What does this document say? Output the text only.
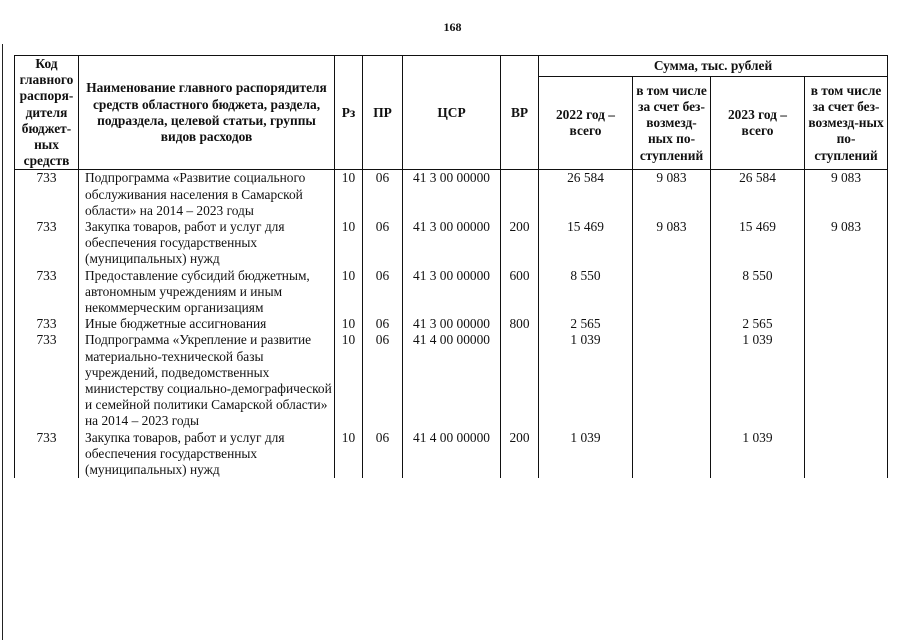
168
Код главного распоря-дителя бюджет-ных средств	Наименование главного распорядителя средств областного бюджета, раздела, подраздела, целевой статьи, группы видов расходов	Рз	ПР	ЦСР	ВР	Сумма, тыс. рублей			
						2022 год – всего	в том числе за счет без-возмезд-ных по-ступлений	2023 год – всего	в том числе за счет без-возмезд-ных по-ступлений
733	Подпрограмма «Развитие социального обслуживания населения в Самарской области» на 2014 – 2023 годы	10	06	41 3 00 00000		26 584	9 083	26 584	9 083
733	Закупка товаров, работ и услуг для обеспечения государственных (муниципальных) нужд	10	06	41 3 00 00000	200	15 469	9 083	15 469	9 083
733	Предоставление субсидий бюджетным, автономным учреждениям и иным некоммерческим организациям	10	06	41 3 00 00000	600	8 550		8 550	
733	Иные бюджетные ассигнования	10	06	41 3 00 00000	800	2 565		2 565	
733	Подпрограмма «Укрепление и развитие материально-технической базы учреждений, подведомственных министерству социально-демографической и семейной политики Самарской области» на 2014 – 2023 годы	10	06	41 4 00 00000		1 039		1 039	
733	Закупка товаров, работ и услуг для обеспечения государственных (муниципальных) нужд	10	06	41 4 00 00000	200	1 039		1 039	
